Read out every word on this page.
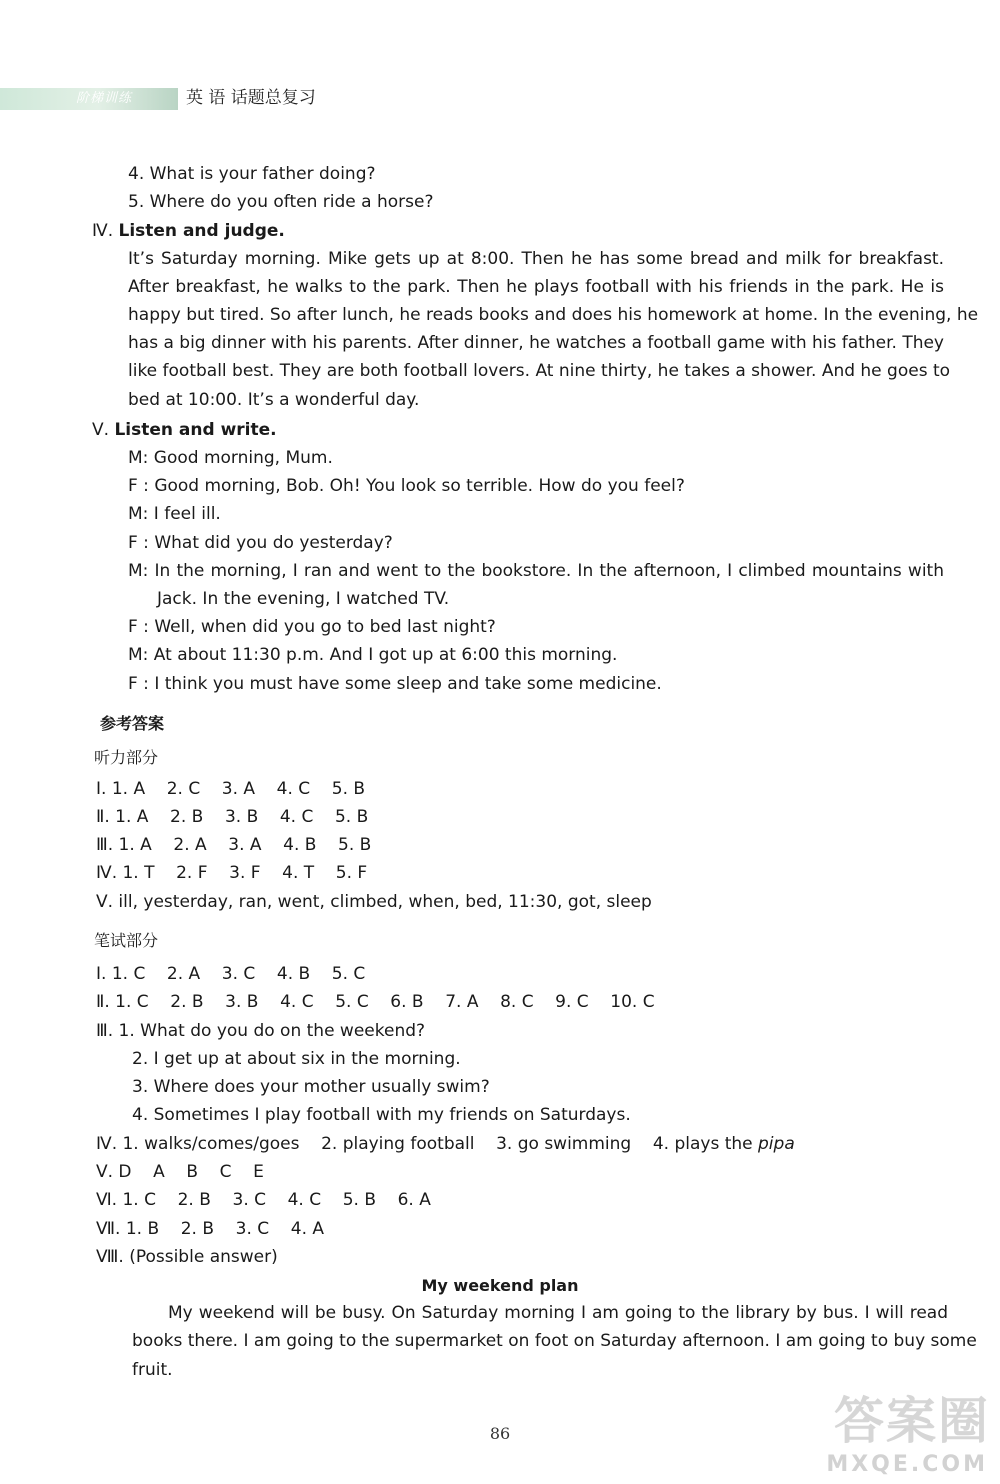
阶梯训练	英 语 话题总复习
4. What is your father doing?
5. Where do you often ride a horse?
Ⅳ. Listen and judge.
It’s Saturday morning. Mike gets up at 8:00. Then he has some bread and milk for breakfast.
After breakfast, he walks to the park. Then he plays football with his friends in the park. He is
happy but tired. So after lunch, he reads books and does his homework at home. In the evening, he
has a big dinner with his parents. After dinner, he watches a football game with his father. They
like football best. They are both football lovers. At nine thirty, he takes a shower. And he goes to
bed at 10:00. It’s a wonderful day.
Ⅴ. Listen and write.
M: Good morning, Mum.
F : Good morning, Bob. Oh! You look so terrible. How do you feel?
M: I feel ill.
F : What did you do yesterday?
M: In the morning, I ran and went to the bookstore. In the afternoon, I climbed mountains with
Jack. In the evening, I watched TV.
F : Well, when did you go to bed last night?
M: At about 11:30 p.m. And I got up at 6:00 this morning.
F : I think you must have some sleep and take some medicine.
参考答案
听力部分
Ⅰ. 1. A    2. C    3. A    4. C    5. B
Ⅱ. 1. A    2. B    3. B    4. C    5. B
Ⅲ. 1. A    2. A    3. A    4. B    5. B
Ⅳ. 1. T    2. F    3. F    4. T    5. F
Ⅴ. ill, yesterday, ran, went, climbed, when, bed, 11:30, got, sleep
笔试部分
Ⅰ. 1. C    2. A    3. C    4. B    5. C
Ⅱ. 1. C    2. B    3. B    4. C    5. C    6. B    7. A    8. C    9. C    10. C
Ⅲ. 1. What do you do on the weekend?
2. I get up at about six in the morning.
3. Where does your mother usually swim?
4. Sometimes I play football with my friends on Saturdays.
Ⅳ. 1. walks/comes/goes    2. playing football    3. go swimming    4. plays the pipa
Ⅴ. D    A    B    C    E
Ⅵ. 1. C    2. B    3. C    4. C    5. B    6. A
Ⅶ. 1. B    2. B    3. C    4. A
Ⅷ. (Possible answer)
My weekend plan
My weekend will be busy. On Saturday morning I am going to the library by bus. I will read
books there. I am going to the supermarket on foot on Saturday afternoon. I am going to buy some
fruit.
86	答案圈
MXQE.COM
